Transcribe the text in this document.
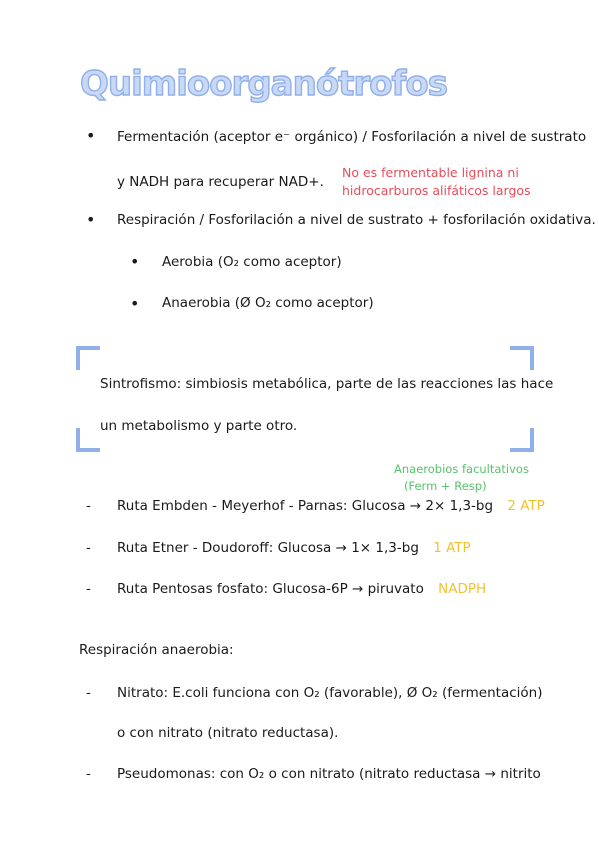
Quimioorganótrofos
• Fermentación (aceptor e⁻ orgánico) / Fosforilación a nivel de sustrato
y NADH para recuperar NAD+.
No es fermentable lignina ni
hidrocarburos alifáticos largos
• Respiración / Fosforilación a nivel de sustrato + fosforilación oxidativa.
• Aerobia (O₂ como aceptor)
• Anaerobia (Ø O₂ como aceptor)
Sintrofismo: simbiosis metabólica, parte de las reacciones las hace
un metabolismo y parte otro.
Anaerobios facultativos
(Ferm + Resp)
- Ruta Embden - Meyerhof - Parnas: Glucosa → 2× 1,3-bg 2 ATP
- Ruta Etner - Doudoroff: Glucosa → 1× 1,3-bg 1 ATP
- Ruta Pentosas fosfato: Glucosa-6P → piruvato NADPH
Respiración anaerobia:
- Nitrato: E.coli funciona con O₂ (favorable), Ø O₂ (fermentación)
o con nitrato (nitrato reductasa).
- Pseudomonas: con O₂ o con nitrato (nitrato reductasa → nitrito
